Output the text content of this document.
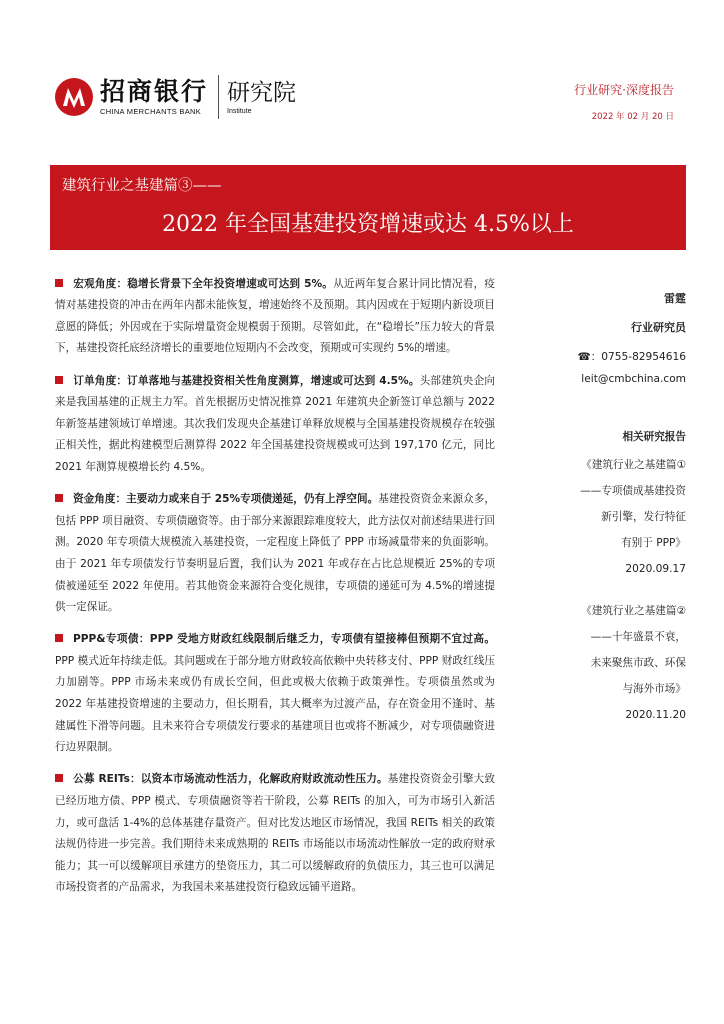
招商银行
CHINA MERCHANTS BANK
研究院
Institute
行业研究·深度报告
2022 年 02 月 20 日
建筑行业之基建篇③——
2022 年全国基建投资增速或达 4.5%以上

宏观角度：稳增长背景下全年投资增速或可达到 5%。从近两年复合累计同比情况看，疫情对基建投资的冲击在两年内都未能恢复，增速始终不及预期。其内因或在于短期内新设项目意愿的降低；外因或在于实际增量资金规模弱于预期。尽管如此，在“稳增长”压力较大的背景下，基建投资托底经济增长的重要地位短期内不会改变，预期或可实现约 5%的增速。

订单角度：订单落地与基建投资相关性角度测算，增速或可达到 4.5%。头部建筑央企向来是我国基建的正规主力军。首先根据历史情况推算 2021 年建筑央企新签订单总额与 2022 年新签基建领域订单增速。其次我们发现央企基建订单释放规模与全国基建投资规模存在较强正相关性，据此构建模型后测算得 2022 年全国基建投资规模或可达到 197,170 亿元，同比 2021 年测算规模增长约 4.5%。

资金角度：主要动力或来自于 25%专项债递延，仍有上浮空间。基建投资资金来源众多，包括 PPP 项目融资、专项债融资等。由于部分来源跟踪难度较大，此方法仅对前述结果进行回测。2020 年专项债大规模流入基建投资，一定程度上降低了 PPP 市场减量带来的负面影响。由于 2021 年专项债发行节奏明显后置，我们认为 2021 年或存在占比总规模近 25%的专项债被递延至 2022 年使用。若其他资金来源符合变化规律，专项债的递延可为 4.5%的增速提供一定保证。

PPP&专项债：PPP 受地方财政红线限制后继乏力，专项债有望接棒但预期不宜过高。PPP 模式近年持续走低。其问题或在于部分地方财政较高依赖中央转移支付、PPP 财政红线压力加剧等。PPP 市场未来或仍有成长空间，但此或极大依赖于政策弹性。专项债虽然或为 2022 年基建投资增速的主要动力，但长期看，其大概率为过渡产品，存在资金用不逢时、基建属性下滑等问题。且未来符合专项债发行要求的基建项目也或将不断减少，对专项债融资进行边界限制。

公募 REITs：以资本市场流动性活力，化解政府财政流动性压力。基建投资资金引擎大致已经历地方债、PPP 模式、专项债融资等若干阶段，公募 REITs 的加入，可为市场引入新活力，或可盘活 1-4%的总体基建存量资产。但对比发达地区市场情况，我国 REITs 相关的政策法规仍待进一步完善。我们期待未来成熟期的 REITs 市场能以市场流动性解放一定的政府财承能力；其一可以缓解项目承建方的垫资压力，其二可以缓解政府的负债压力，其三也可以满足市场投资者的产品需求，为我国未来基建投资行稳致远铺平道路。

雷霆
行业研究员
☎：0755-82954616
leit@cmbchina.com
相关研究报告
《建筑行业之基建篇①
——专项债成基建投资
新引擎，发行特征
有别于 PPP》
2020.09.17
《建筑行业之基建篇②
——十年盛景不衰，
未来聚焦市政、环保
与海外市场》
2020.11.20
